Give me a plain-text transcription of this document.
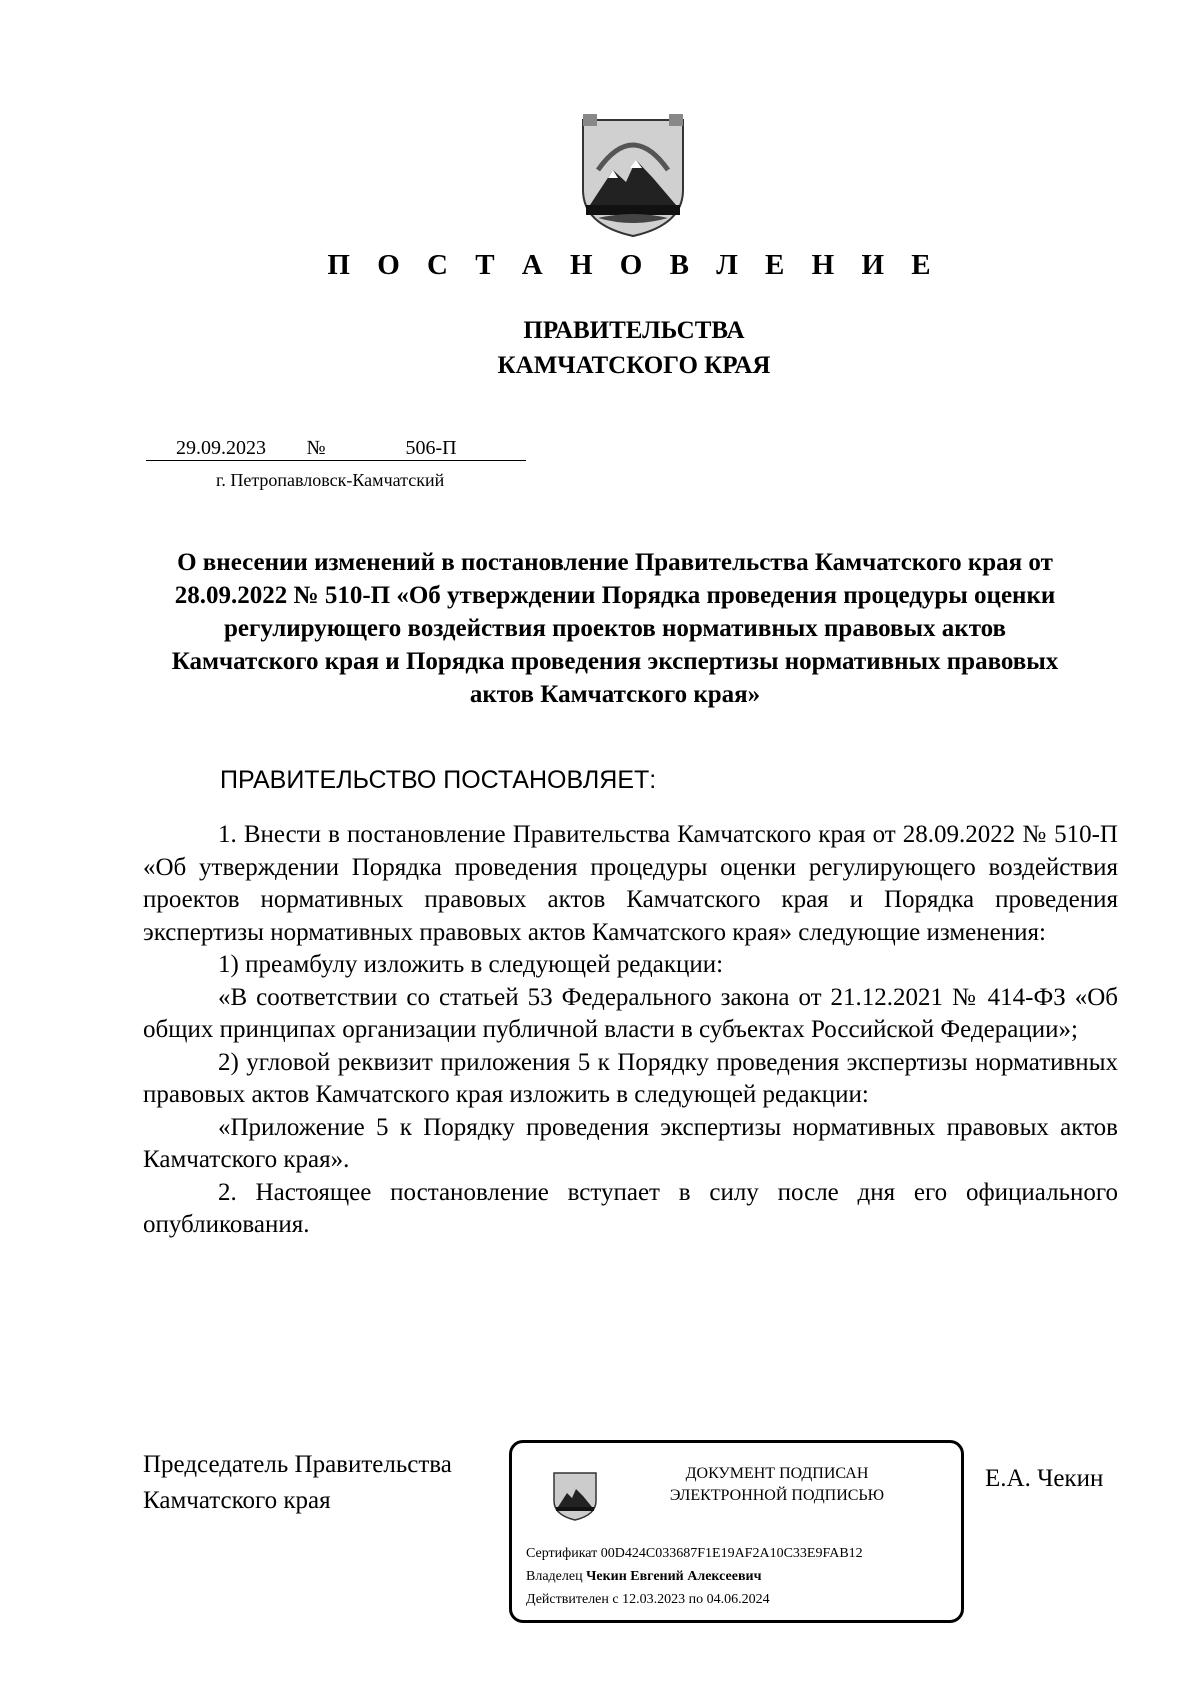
П О С Т А Н О В Л Е Н И Е
ПРАВИТЕЛЬСТВА
КАМЧАТСКОГО КРАЯ
29.09.2023 №	506-П
г. Петропавловск-Камчатский
О внесении изменений в постановление Правительства Камчатского края от 28.09.2022 № 510-П «Об утверждении Порядка проведения процедуры оценки регулирующего воздействия проектов нормативных правовых актов Камчатского края и Порядка проведения экспертизы нормативных правовых актов Камчатского края»
ПРАВИТЕЛЬСТВО ПОСТАНОВЛЯЕТ:

1. Внести в постановление Правительства Камчатского края от 28.09.2022 № 510-П «Об утверждении Порядка проведения процедуры оценки регулирующего воздействия проектов нормативных правовых актов Камчатского края и Порядка проведения экспертизы нормативных правовых актов Камчатского края» следующие изменения:

1) преамбулу изложить в следующей редакции:

«В соответствии со статьей 53 Федерального закона от 21.12.2021 № 414-ФЗ «Об общих принципах организации публичной власти в субъектах Российской Федерации»;

2) угловой реквизит приложения 5 к Порядку проведения экспертизы нормативных правовых актов Камчатского края изложить в следующей редакции:

«Приложение 5 к Порядку проведения экспертизы нормативных правовых актов Камчатского края».

2. Настоящее постановление вступает в силу после дня его официального опубликования.

Председатель Правительства
Камчатского края
ДОКУМЕНТ ПОДПИСАН
ЭЛЕКТРОННОЙ ПОДПИСЬЮ
Сертификат 00D424C033687F1E19AF2A10C33E9FAB12
Владелец Чекин Евгений Алексеевич
Действителен с 12.03.2023 по 04.06.2024
Е.А. Чекин
